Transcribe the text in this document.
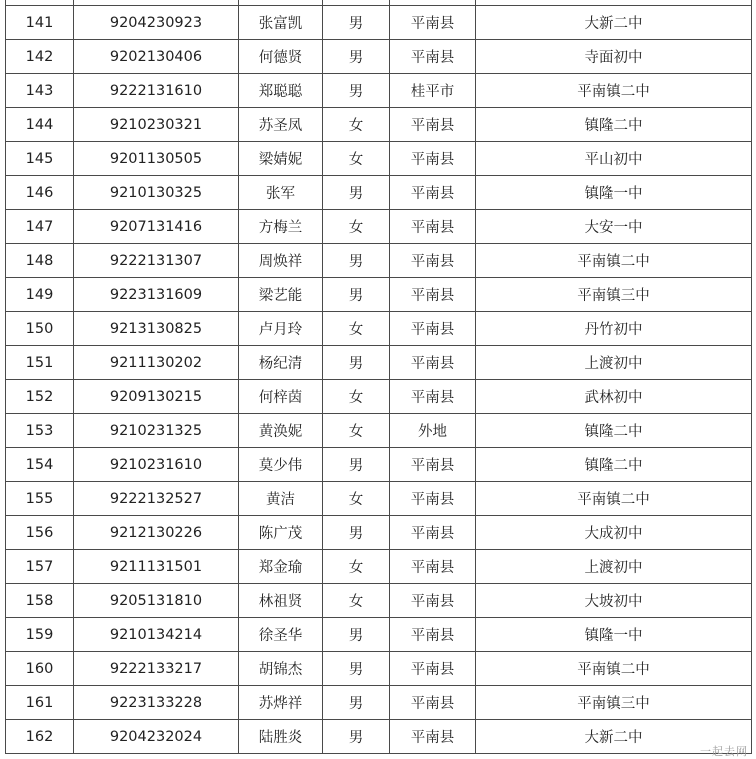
141	9204230923	张富凯	男	平南县	大新二中
142	9202130406	何德贤	男	平南县	寺面初中
143	9222131610	郑聪聪	男	桂平市	平南镇二中
144	9210230321	苏圣凤	女	平南县	镇隆二中
145	9201130505	梁婧妮	女	平南县	平山初中
146	9210130325	张军	男	平南县	镇隆一中
147	9207131416	方梅兰	女	平南县	大安一中
148	9222131307	周焕祥	男	平南县	平南镇二中
149	9223131609	梁艺能	男	平南县	平南镇三中
150	9213130825	卢月玲	女	平南县	丹竹初中
151	9211130202	杨纪清	男	平南县	上渡初中
152	9209130215	何梓茵	女	平南县	武林初中
153	9210231325	黄涣妮	女	外地	镇隆二中
154	9210231610	莫少伟	男	平南县	镇隆二中
155	9222132527	黄洁	女	平南县	平南镇二中
156	9212130226	陈广茂	男	平南县	大成初中
157	9211131501	郑金瑜	女	平南县	上渡初中
158	9205131810	林祖贤	女	平南县	大坡初中
159	9210134214	徐圣华	男	平南县	镇隆一中
160	9222133217	胡锦杰	男	平南县	平南镇二中
161	9223133228	苏烨祥	男	平南县	平南镇三中
162	9204232024	陆胜炎	男	平南县	大新二中
一起去网
